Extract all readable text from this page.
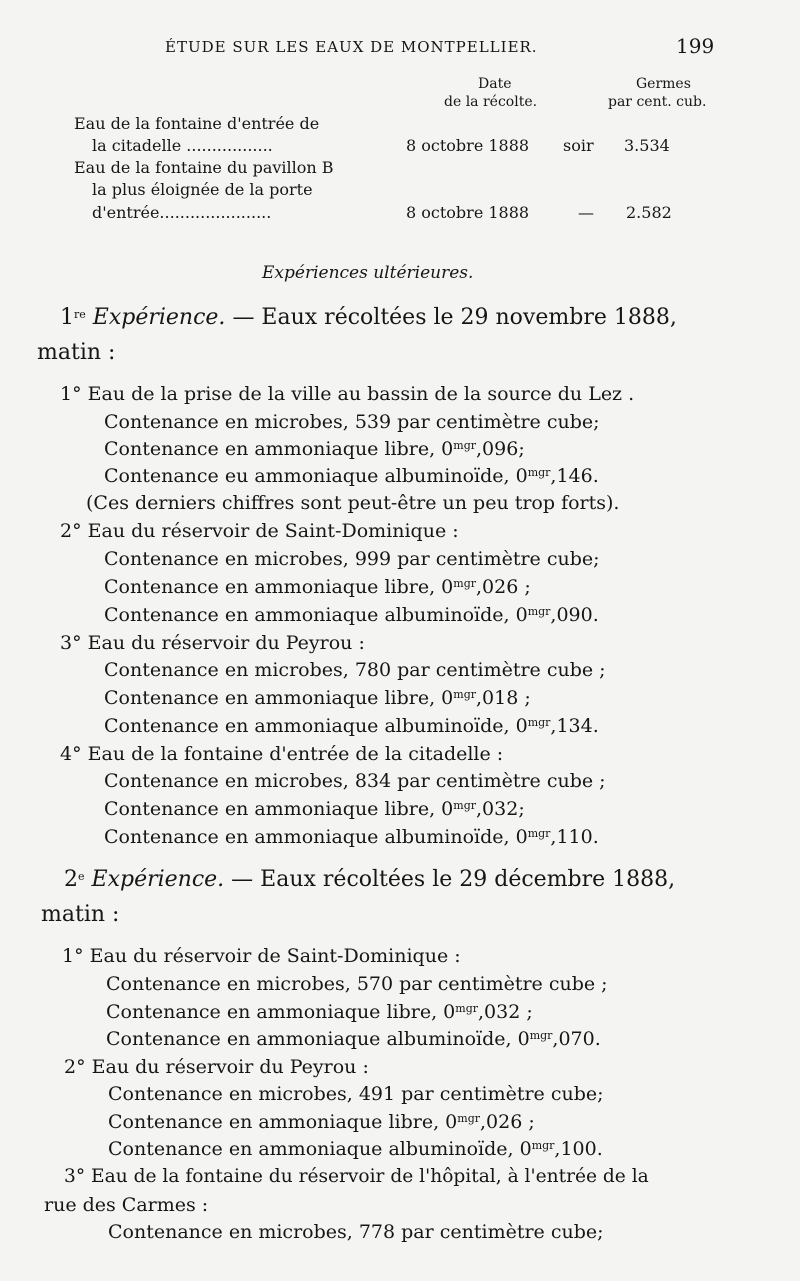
ÉTUDE SUR LES EAUX DE MONTPELLIER.	199
Date
de la récolte.
Germes
par cent. cub.
Eau de la fontaine d'entrée de
la citadelle .................	8 octobre 1888 soir 3.534
Eau de la fontaine du pavillon B
la plus éloignée de la porte
d'entrée......................	8 octobre 1888	— 2.582
Expériences ultérieures.
1re Expérience. — Eaux récoltées le 29 novembre 1888,
matin :
1° Eau de la prise de la ville au bassin de la source du Lez .
Contenance en microbes, 539 par centimètre cube;
Contenance en ammoniaque libre, $0^{mgr},096$;
Contenance eu ammoniaque albuminoïde, $0^{mgr},146$.
(Ces derniers chiffres sont peut-être un peu trop forts).
2° Eau du réservoir de Saint-Dominique :
Contenance en microbes, 999 par centimètre cube;
Contenance en ammoniaque libre, $0^{mgr},026$ ;
Contenance en ammoniaque albuminoïde, $0^{mgr},090$.
3° Eau du réservoir du Peyrou :
Contenance en microbes, 780 par centimètre cube ;
Contenance en ammoniaque libre, $0^{mgr},018$ ;
Contenance en ammoniaque albuminoïde, $0^{mgr},134$.
4° Eau de la fontaine d'entrée de la citadelle :
Contenance en microbes, 834 par centimètre cube ;
Contenance en ammoniaque libre, $0^{mgr},032$;
Contenance en ammoniaque albuminoïde, $0^{mgr},110$.
2e Expérience. — Eaux récoltées le 29 décembre 1888,
matin :
1° Eau du réservoir de Saint-Dominique :
Contenance en microbes, 570 par centimètre cube ;
Contenance en ammoniaque libre, $0^{mgr},032$ ;
Contenance en ammoniaque albuminoïde, $0^{mgr},070$.
2° Eau du réservoir du Peyrou :
Contenance en microbes, 491 par centimètre cube;
Contenance en ammoniaque libre, $0^{mgr},026$ ;
Contenance en ammoniaque albuminoïde, $0^{mgr},100$.
3° Eau de la fontaine du réservoir de l'hôpital, à l'entrée de la
rue des Carmes :
Contenance en microbes, 778 par centimètre cube;
